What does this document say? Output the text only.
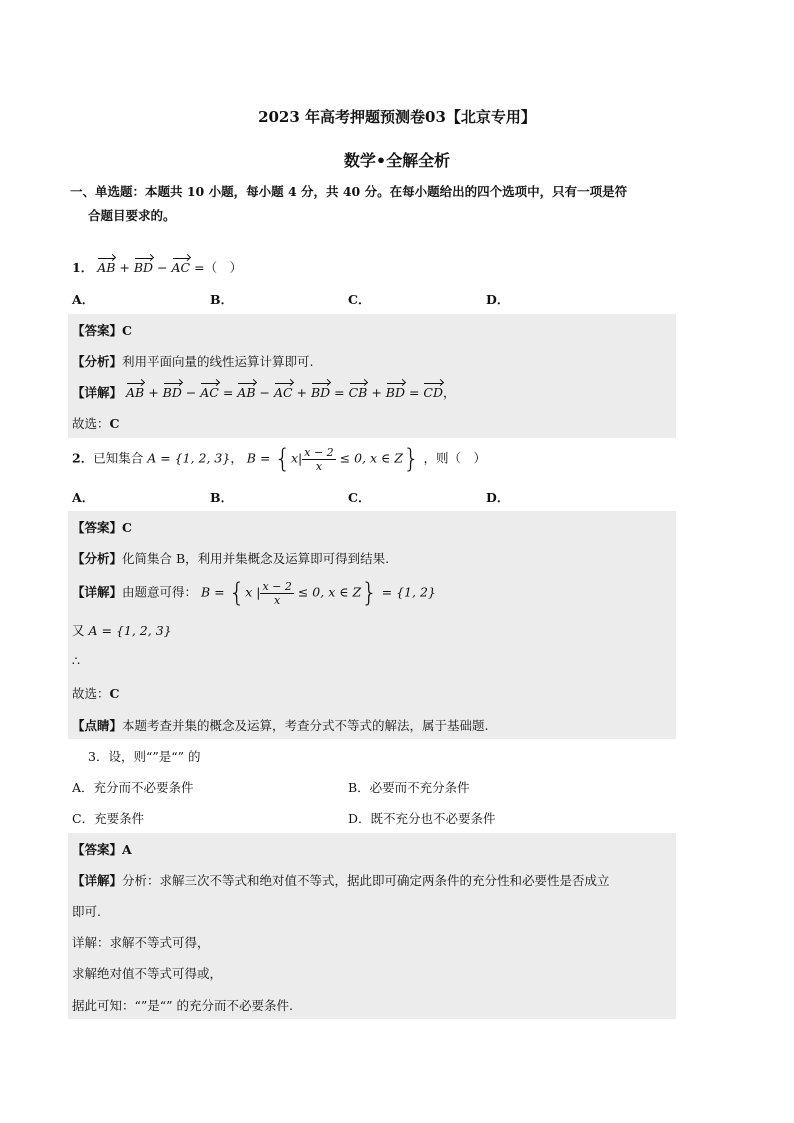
2023 年高考押题预测卷03【北京专用】
数学•全解全析
一、单选题：本题共 10 小题，每小题 4 分，共 40 分。在每小题给出的四个选项中，只有一项是符
合题目要求的。
1． AB + BD − AC =（　）
A．	B．	C．	D．
【答案】C
【分析】利用平面向量的线性运算计算即可.
【详解】 AB + BD − AC = AB − AC + BD = CB + BD = CD，
故选：C
2．已知集合 A = {1, 2, 3}， $B = \{x| \frac{x - 2}{x} \le 0$, x ∈ Z} ，则（　）
A．	B．	C．	D．
【答案】C
【分析】化简集合 B，利用并集概念及运算即可得到结果.
【详解】由题意可得： B = {x | $\frac{x - 2}{x} \le 0$, x ∈ Z} = {1, 2}
又 A = {1, 2, 3}
∴
故选：C
【点睛】本题考查并集的概念及运算，考查分式不等式的解法，属于基础题.
3．设，则“”是“” 的
A．充分而不必要条件	B．必要而不充分条件
C．充要条件	D．既不充分也不必要条件
【答案】A
【详解】分析：求解三次不等式和绝对值不等式，据此即可确定两条件的充分性和必要性是否成立
即可.
详解：求解不等式可得，
求解绝对值不等式可得或，
据此可知：“”是“” 的充分而不必要条件.
